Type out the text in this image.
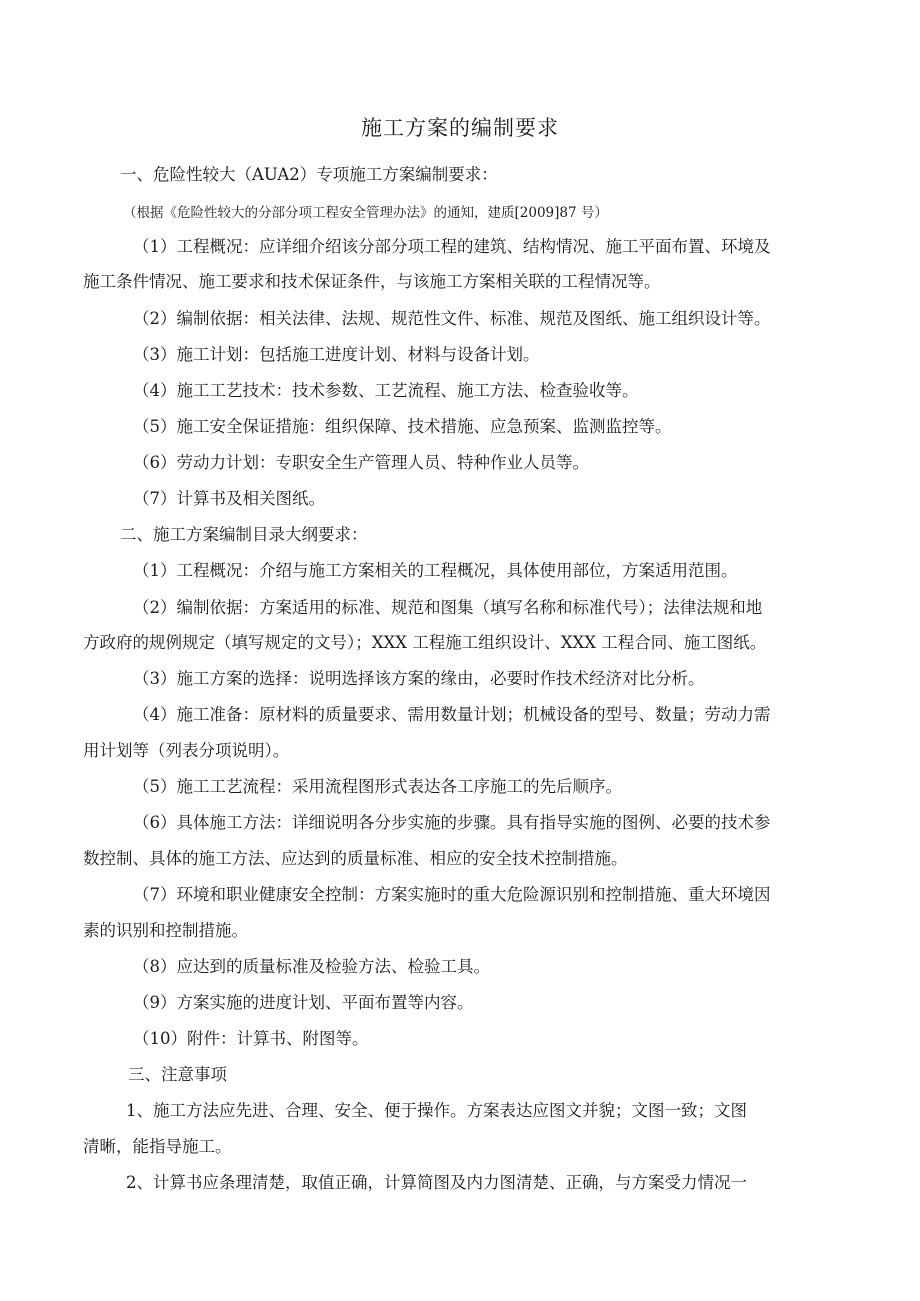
施工方案的编制要求
一、危险性较大（AUA2）专项施工方案编制要求：
（根据《危险性较大的分部分项工程安全管理办法》的通知，建质[2009]87 号）
（1）工程概况：应详细介绍该分部分项工程的建筑、结构情况、施工平面布置、环境及
施工条件情况、施工要求和技术保证条件，与该施工方案相关联的工程情况等。
（2）编制依据：相关法律、法规、规范性文件、标准、规范及图纸、施工组织设计等。
（3）施工计划：包括施工进度计划、材料与设备计划。
（4）施工工艺技术：技术参数、工艺流程、施工方法、检查验收等。
（5）施工安全保证措施：组织保障、技术措施、应急预案、监测监控等。
（6）劳动力计划：专职安全生产管理人员、特种作业人员等。
（7）计算书及相关图纸。
二、施工方案编制目录大纲要求：
（1）工程概况：介绍与施工方案相关的工程概况，具体使用部位，方案适用范围。
（2）编制依据：方案适用的标准、规范和图集（填写名称和标准代号）；法律法规和地
方政府的规例规定（填写规定的文号）；XXX 工程施工组织设计、XXX 工程合同、施工图纸。
（3）施工方案的选择：说明选择该方案的缘由，必要时作技术经济对比分析。
（4）施工准备：原材料的质量要求、需用数量计划；机械设备的型号、数量；劳动力需
用计划等（列表分项说明）。
（5）施工工艺流程：采用流程图形式表达各工序施工的先后顺序。
（6）具体施工方法：详细说明各分步实施的步骤。具有指导实施的图例、必要的技术参
数控制、具体的施工方法、应达到的质量标准、相应的安全技术控制措施。
（7）环境和职业健康安全控制：方案实施时的重大危险源识别和控制措施、重大环境因
素的识别和控制措施。
（8）应达到的质量标准及检验方法、检验工具。
（9）方案实施的进度计划、平面布置等内容。
（10）附件：计算书、附图等。
三、注意事项
1、施工方法应先进、合理、安全、便于操作。方案表达应图文并貌；文图一致；文图
清晰，能指导施工。
2、计算书应条理清楚，取值正确，计算简图及内力图清楚、正确，与方案受力情况一
